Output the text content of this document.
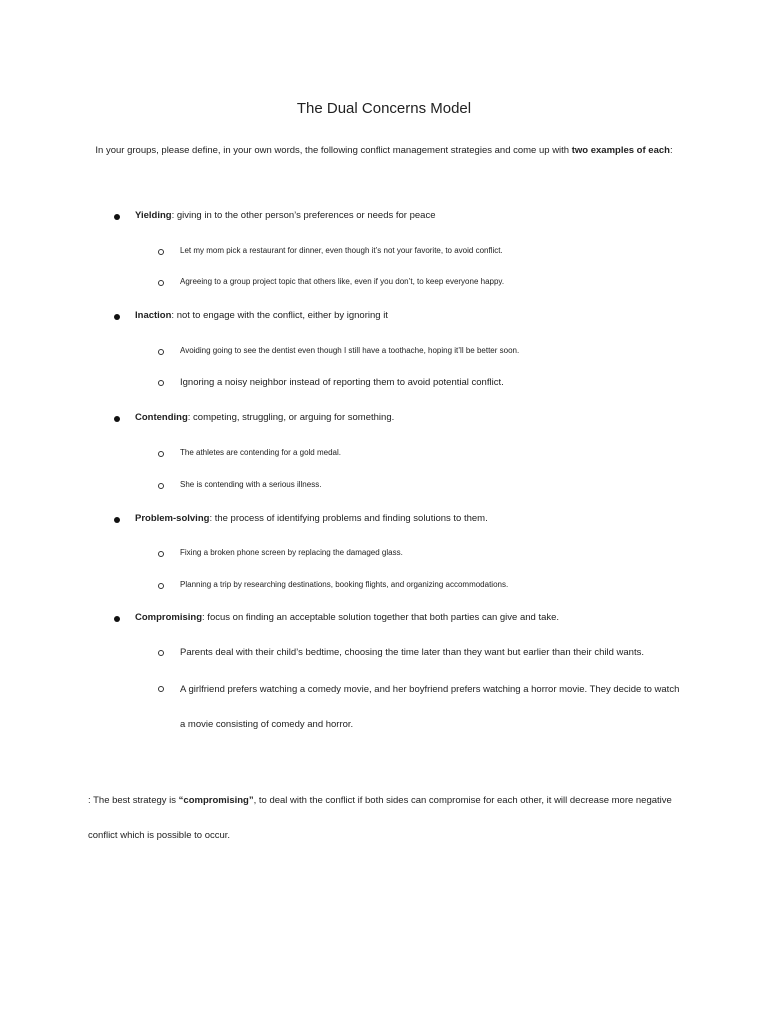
The Dual Concerns Model
In your groups, please define, in your own words, the following conflict management strategies and come up with two examples of each:
Yielding: giving in to the other person’s preferences or needs for peace
Let my mom pick a restaurant for dinner, even though it’s not your favorite, to avoid conflict.
Agreeing to a group project topic that others like, even if you don’t, to keep everyone happy.
Inaction: not to engage with the conflict, either by ignoring it
Avoiding going to see the dentist even though I still have a toothache, hoping it’ll be better soon.
Ignoring a noisy neighbor instead of reporting them to avoid potential conflict.
Contending: competing, struggling, or arguing for something.
The athletes are contending for a gold medal.
She is contending with a serious illness.
Problem-solving: the process of identifying problems and finding solutions to them.
Fixing a broken phone screen by replacing the damaged glass.
Planning a trip by researching destinations, booking flights, and organizing accommodations.
Compromising: focus on finding an acceptable solution together that both parties can give and take.
Parents deal with their child’s bedtime, choosing the time later than they want but earlier than their child wants.
A girlfriend prefers watching a comedy movie, and her boyfriend prefers watching a horror movie. They decide to watch a movie consisting of comedy and horror.
: The best strategy is “compromising”, to deal with the conflict if both sides can compromise for each other, it will decrease more negative conflict which is possible to occur.
